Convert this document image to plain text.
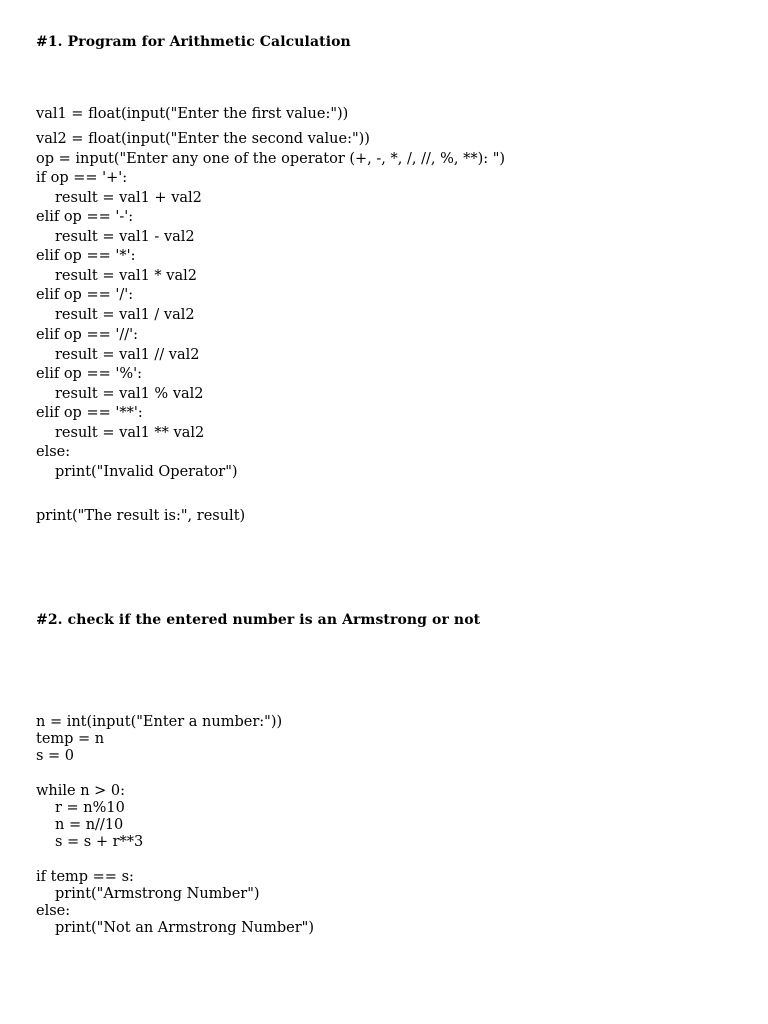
#1. Program for Arithmetic Calculation

val1 = float(input("Enter the first value:"))

val2 = float(input("Enter the second value:"))

op = input("Enter any one of the operator (+, -, *, /, //, %, **): ")

if op == '+':

result = val1 + val2

elif op == '-':

result = val1 - val2

elif op == '*':

result = val1 * val2

elif op == '/':

result = val1 / val2

elif op == '//':

result = val1 // val2

elif op == '%':

result = val1 % val2

elif op == '**':

result = val1 ** val2

else:

print("Invalid Operator")

print("The result is:", result)

#2. check if the entered number is an Armstrong or not

n = int(input("Enter a number:"))

temp = n

s = 0

while n > 0:

r = n%10

n = n//10

s = s + r**3

if temp == s:

print("Armstrong Number")

else:

print("Not an Armstrong Number")
